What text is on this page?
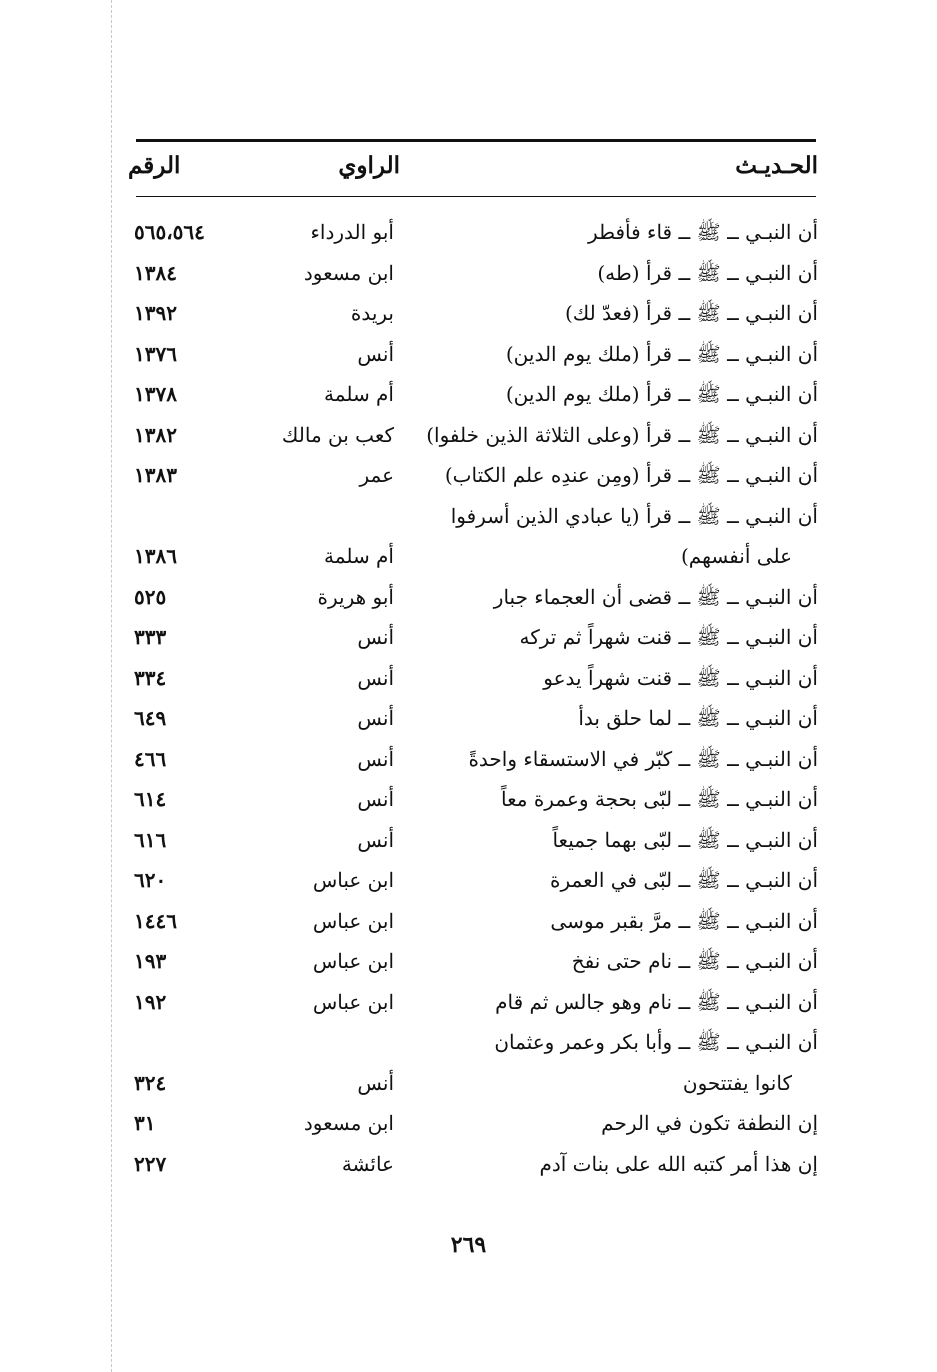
الحـديـث
الراوي
الرقم
أن النبـي ــ ﷺ ــ قاء فأفطر
أبو الدرداء
٥٦٥،٥٦٤
أن النبـي ــ ﷺ ــ قرأ (طه)
ابن مسعود
١٣٨٤
أن النبـي ــ ﷺ ــ قرأ (فعدّ لك)
بريدة
١٣٩٢
أن النبـي ــ ﷺ ــ قرأ (ملك يوم الدين)
أنس
١٣٧٦
أن النبـي ــ ﷺ ــ قرأ (ملك يوم الدين)
أم سلمة
١٣٧٨
أن النبـي ــ ﷺ ــ قرأ (وعلى الثلاثة الذين خلفوا)
كعب بن مالك
١٣٨٢
أن النبـي ــ ﷺ ــ قرأ (ومِن عندِه علم الكتاب)
عمر
١٣٨٣
أن النبـي ــ ﷺ ــ قرأ (يا عبادي الذين أسرفوا
على أنفسهم)
أم سلمة
١٣٨٦
أن النبـي ــ ﷺ ــ قضى أن العجماء جبار
أبو هريرة
٥٢٥
أن النبـي ــ ﷺ ــ قنت شهراً ثم تركه
أنس
٣٣٣
أن النبـي ــ ﷺ ــ قنت شهراً يدعو
أنس
٣٣٤
أن النبـي ــ ﷺ ــ لما حلق بدأ
أنس
٦٤٩
أن النبـي ــ ﷺ ــ كبّر في الاستسقاء واحدةً
أنس
٤٦٦
أن النبـي ــ ﷺ ــ لبّى بحجة وعمرة معاً
أنس
٦١٤
أن النبـي ــ ﷺ ــ لبّى بهما جميعاً
أنس
٦١٦
أن النبـي ــ ﷺ ــ لبّى في العمرة
ابن عباس
٦٢٠
أن النبـي ــ ﷺ ــ مرَّ بقبر موسى
ابن عباس
١٤٤٦
أن النبـي ــ ﷺ ــ نام حتى نفخ
ابن عباس
١٩٣
أن النبـي ــ ﷺ ــ نام وهو جالس ثم قام
ابن عباس
١٩٢
أن النبـي ــ ﷺ ــ وأبا بكر وعمر وعثمان
كانوا يفتتحون
أنس
٣٢٤
إن النطفة تكون في الرحم
ابن مسعود
٣١
إن هذا أمر كتبه الله على بنات آدم
عائشة
٢٢٧
٢٦٩
